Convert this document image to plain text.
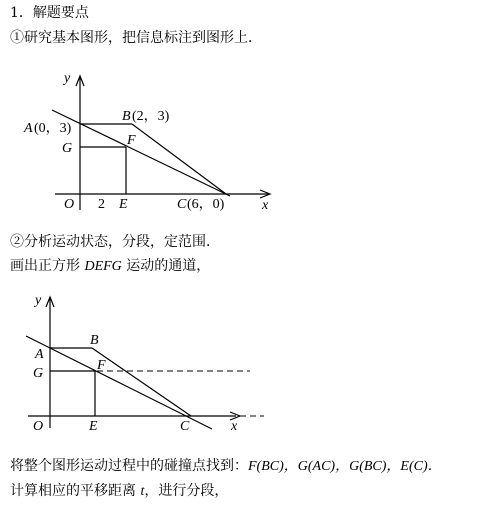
1．解题要点
①研究基本图形，把信息标注到图形上．
y
A (0，3)
B (2，3)
F
G
O 2 E	C (6，0)	x
②分析运动状态，分段，定范围．
画出正方形 DEFG 运动的通道，
y
A
B
F
G
O	E	C	x
将整个图形运动过程中的碰撞点找到：F(BC)，G(AC)，G(BC)，E(C)．
计算相应的平移距离 t，进行分段，
